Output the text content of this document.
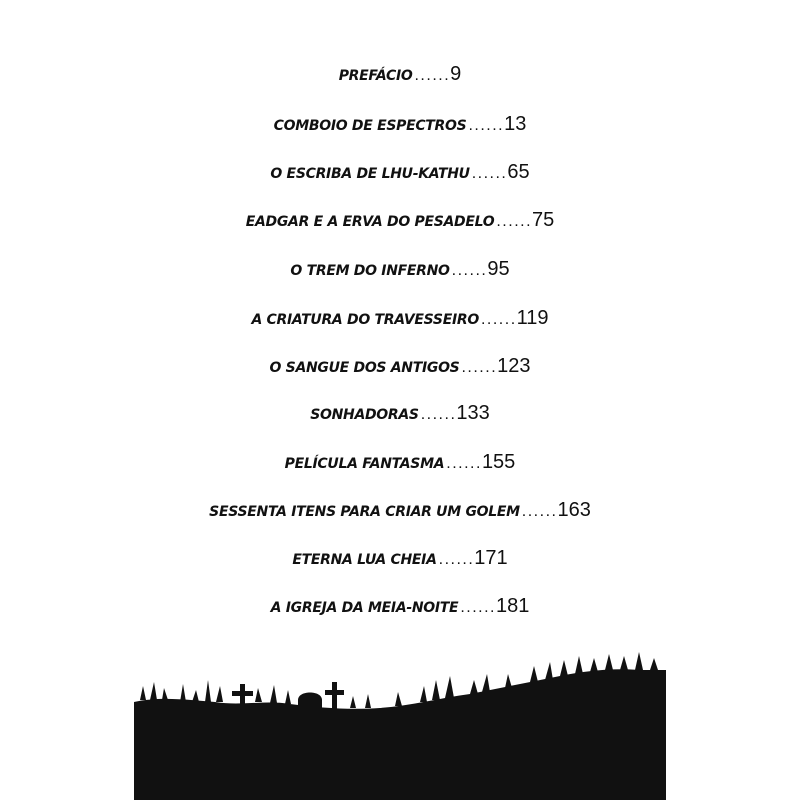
PREFÁCIO ......9
COMBOIO DE ESPECTROS ......13
O ESCRIBA DE LHU-KATHU ......65
EADGAR E A ERVA DO PESADELO ......75
O TREM DO INFERNO ......95
A CRIATURA DO TRAVESSEIRO ......119
O SANGUE DOS ANTIGOS ......123
SONHADORAS ......133
PELÍCULA FANTASMA ......155
SESSENTA ITENS PARA CRIAR UM GOLEM ......163
ETERNA LUA CHEIA ......171
A IGREJA DA MEIA-NOITE ......181
